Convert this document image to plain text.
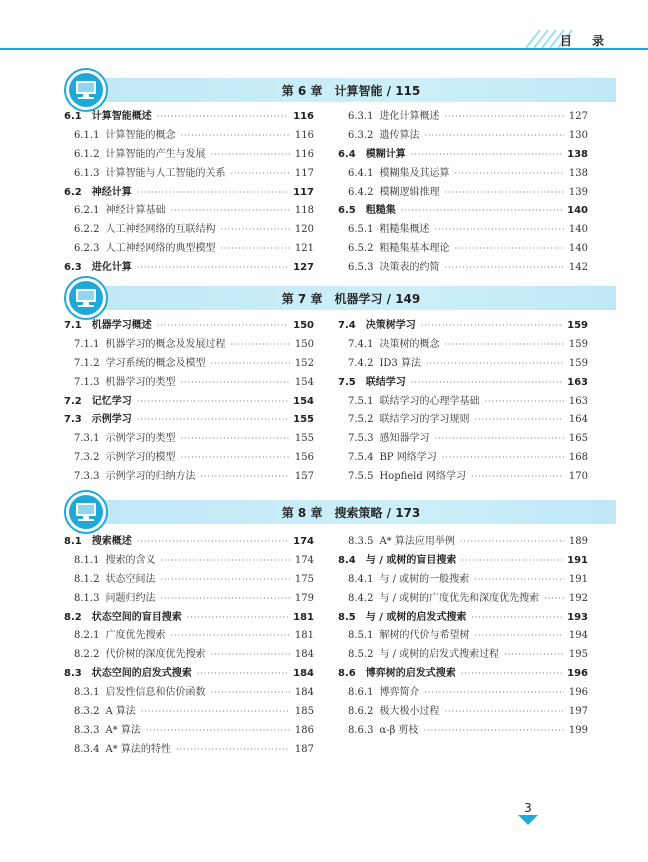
目 录
第 6 章　计算智能 / 115
6.1 计算智能概述 ·····	116
6.1.1 计算智能的概念 ·····	116
6.1.2 计算智能的产生与发展 ·····	116
6.1.3 计算智能与人工智能的关系 ·····	117
6.2 神经计算 ·····	117
6.2.1 神经计算基础 ·····	118
6.2.2 人工神经网络的互联结构 ·····	120
6.2.3 人工神经网络的典型模型 ·····	121
6.3 进化计算 ·····	127
6.3.1 进化计算概述 ·····	127
6.3.2 遗传算法 ·····	130
6.4 模糊计算 ·····	138
6.4.1 模糊集及其运算 ·····	138
6.4.2 模糊逻辑推理 ·····	139
6.5 粗糙集 ·····	140
6.5.1 粗糙集概述 ·····	140
6.5.2 粗糙集基本理论 ·····	140
6.5.3 决策表的约简 ·····	142
第 7 章　机器学习 / 149
7.1 机器学习概述 ·····	150
7.1.1 机器学习的概念及发展过程 ·····	150
7.1.2 学习系统的概念及模型 ·····	152
7.1.3 机器学习的类型 ·····	154
7.2 记忆学习 ·····	154
7.3 示例学习 ·····	155
7.3.1 示例学习的类型 ·····	155
7.3.2 示例学习的模型 ·····	156
7.3.3 示例学习的归纳方法 ·····	157
7.4 决策树学习 ·····	159
7.4.1 决策树的概念 ·····	159
7.4.2 ID3 算法 ·····	159
7.5 联结学习 ·····	163
7.5.1 联结学习的心理学基础 ·····	163
7.5.2 联结学习的学习规则 ·····	164
7.5.3 感知器学习 ·····	165
7.5.4 BP 网络学习 ·····	168
7.5.5 Hopfield 网络学习 ·····	170
第 8 章　搜索策略 / 173
8.1 搜索概述 ·····	174
8.1.1 搜索的含义 ·····	174
8.1.2 状态空间法 ·····	175
8.1.3 问题归约法 ·····	179
8.2 状态空间的盲目搜索 ·····	181
8.2.1 广度优先搜索 ·····	181
8.2.2 代价树的深度优先搜索 ·····	184
8.3 状态空间的启发式搜索 ·····	184
8.3.1 启发性信息和估价函数 ·····	184
8.3.2 A 算法 ·····	185
8.3.3 A* 算法 ·····	186
8.3.4 A* 算法的特性 ·····	187
8.3.5 A* 算法应用举例 ·····	189
8.4 与 / 或树的盲目搜索 ·····	191
8.4.1 与 / 或树的一般搜索 ·····	191
8.4.2 与 / 或树的广度优先和深度优先搜索 ·····	192
8.5 与 / 或树的启发式搜索 ·····	193
8.5.1 解树的代价与希望树 ·····	194
8.5.2 与 / 或树的启发式搜索过程 ·····	195
8.6 博弈树的启发式搜索 ·····	196
8.6.1 博弈简介 ·····	196
8.6.2 极大极小过程 ·····	197
8.6.3 α-β 剪枝 ·····	199
3
